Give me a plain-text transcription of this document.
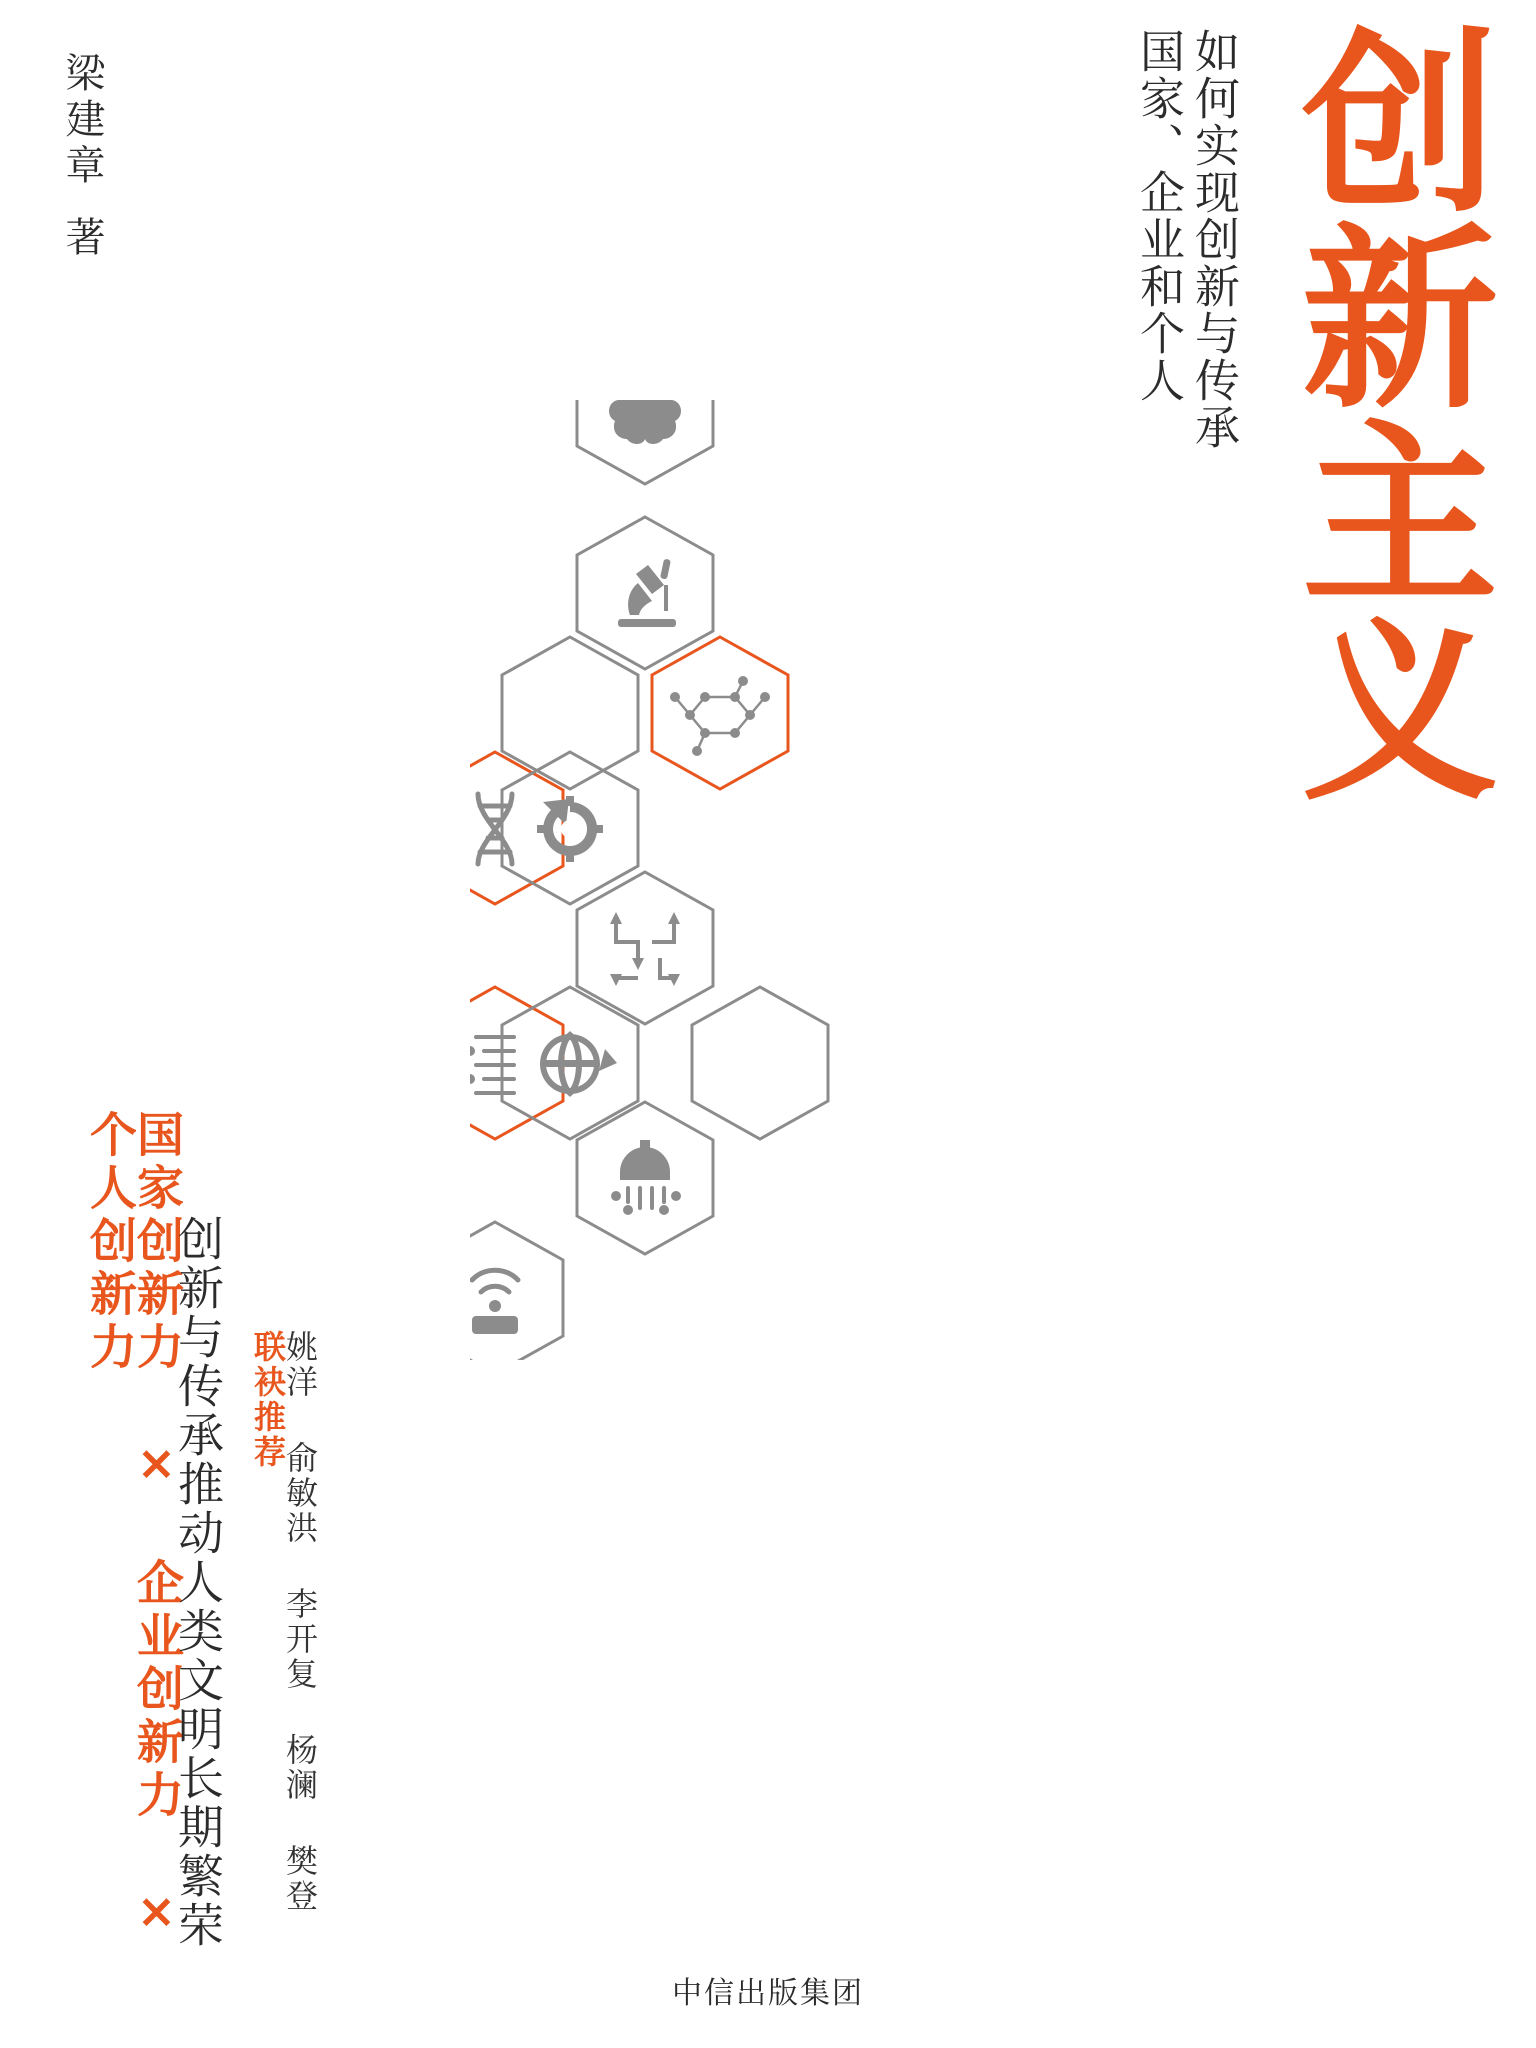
梁建章
著	创新主义
国家、企业和个人 如何实现创新与传承
国家创新力 × 企业创新力 × 个人创新力 创新与传承推动人类文明长期繁荣	姚洋 俞敏洪 李开复 杨澜 樊登 联袂推荐
中信出版集团
